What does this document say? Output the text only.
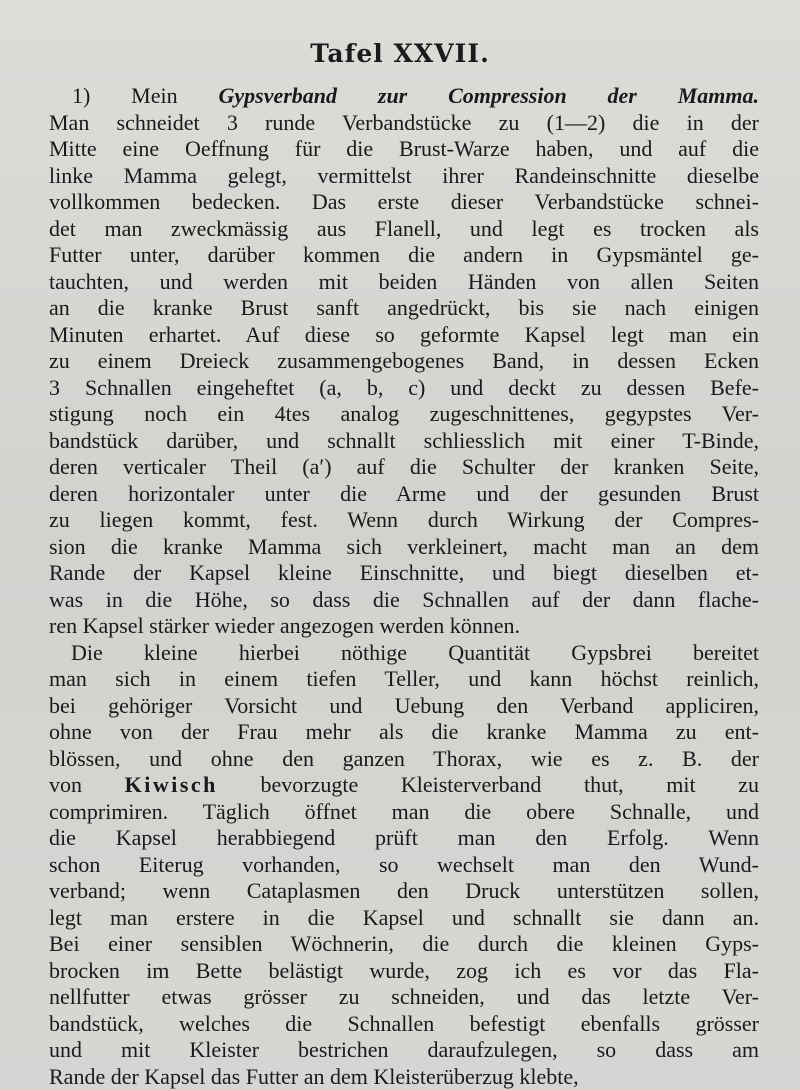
Tafel XXVII.
1) Mein Gypsverband zur Compression der Mamma.
Man schneidet 3 runde Verbandstücke zu (1—2) die in der
Mitte eine Oeffnung für die Brust-Warze haben, und auf die
linke Mamma gelegt, vermittelst ihrer Randeinschnitte dieselbe
vollkommen bedecken. Das erste dieser Verbandstücke schnei-
det man zweckmässig aus Flanell, und legt es trocken als
Futter unter, darüber kommen die andern in Gypsmäntel ge-
tauchten, und werden mit beiden Händen von allen Seiten
an die kranke Brust sanft angedrückt, bis sie nach einigen
Minuten erhartet. Auf diese so geformte Kapsel legt man ein
zu einem Dreieck zusammengebogenes Band, in dessen Ecken
3 Schnallen eingeheftet (a, b, c) und deckt zu dessen Befe-
stigung noch ein 4tes analog zugeschnittenes, gegypstes Ver-
bandstück darüber, und schnallt schliesslich mit einer T-Binde,
deren verticaler Theil (a′) auf die Schulter der kranken Seite,
deren horizontaler unter die Arme und der gesunden Brust
zu liegen kommt, fest. Wenn durch Wirkung der Compres-
sion die kranke Mamma sich verkleinert, macht man an dem
Rande der Kapsel kleine Einschnitte, und biegt dieselben et-
was in die Höhe, so dass die Schnallen auf der dann flache-
ren Kapsel stärker wieder angezogen werden können.
Die kleine hierbei nöthige Quantität Gypsbrei bereitet
man sich in einem tiefen Teller, und kann höchst reinlich,
bei gehöriger Vorsicht und Uebung den Verband appliciren,
ohne von der Frau mehr als die kranke Mamma zu ent-
blössen, und ohne den ganzen Thorax, wie es z. B. der
von Kiwisch bevorzugte Kleisterverband thut, mit zu
comprimiren. Täglich öffnet man die obere Schnalle, und
die Kapsel herabbiegend prüft man den Erfolg. Wenn
schon Eiterug vorhanden, so wechselt man den Wund-
verband; wenn Cataplasmen den Druck unterstützen sollen,
legt man erstere in die Kapsel und schnallt sie dann an.
Bei einer sensiblen Wöchnerin, die durch die kleinen Gyps-
brocken im Bette belästigt wurde, zog ich es vor das Fla-
nellfutter etwas grösser zu schneiden, und das letzte Ver-
bandstück, welches die Schnallen befestigt ebenfalls grösser
und mit Kleister bestrichen daraufzulegen, so dass am
Rande der Kapsel das Futter an dem Kleisterüberzug klebte,
